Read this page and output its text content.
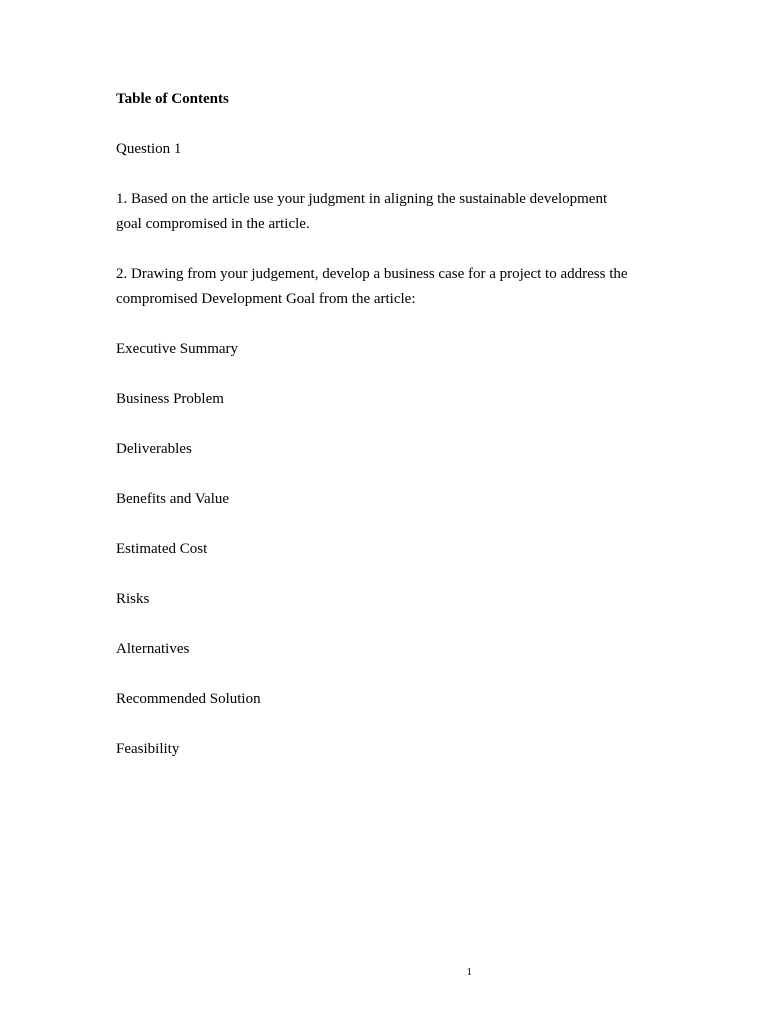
Table of Contents

Question 1

1. Based on the article use your judgment in aligning the sustainable development

goal compromised in the article.

2. Drawing from your judgement, develop a business case for a project to address the

compromised Development Goal from the article:

Executive Summary

Business Problem

Deliverables

Benefits and Value

Estimated Cost

Risks

Alternatives

Recommended Solution

Feasibility

1
